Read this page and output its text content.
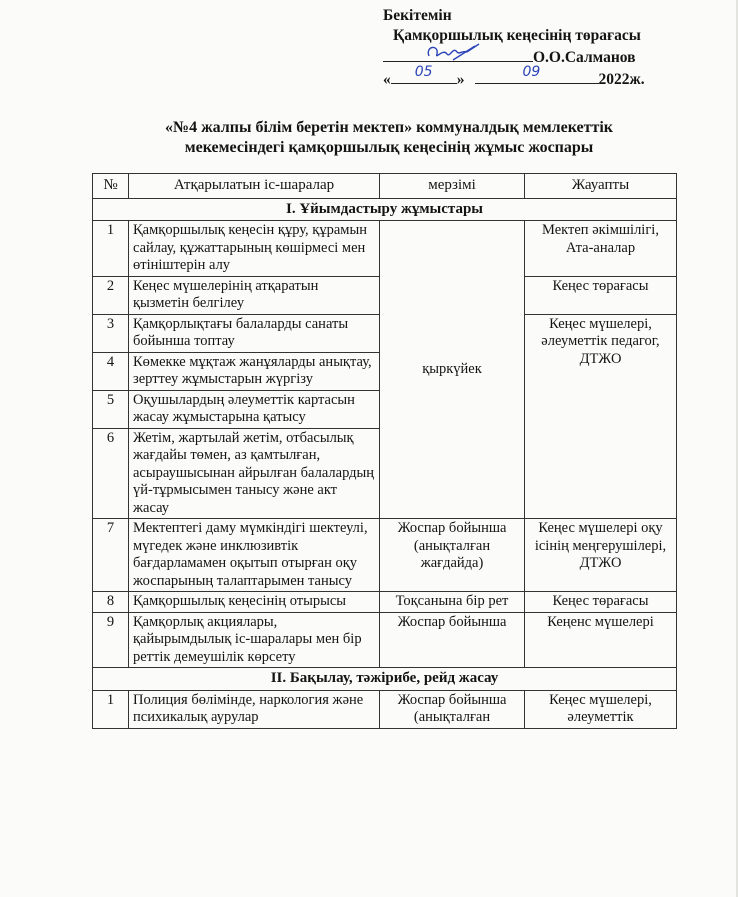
Бекітемін
Қамқоршылық кеңесінің төрағасы
О.О.Салманов
« 05 »	09	2022ж.
«№4 жалпы білім беретін мектеп» коммуналдық мемлекеттік
мекемесіндегі қамқоршылық кеңесінің жұмыс жоспары
№	Атқарылатын іс-шаралар	мерзімі	Жауапты
I. Ұйымдастыру жұмыстары			
1	Қамқоршылық кеңесін құру, құрамын сайлау, құжаттарының көшірмесі мен өтініштерін алу	қыркүйек	Мектеп әкімшілігі, Ата-аналар
2	Кеңес мүшелерінің атқаратын қызметін белгілеу		Кеңес төрағасы
3	Қамқорлықтағы балаларды санаты бойынша топтау		Кеңес мүшелері, әлеуметтік педагог, ДТЖО
4	Көмекке мұқтаж жанұяларды анықтау, зерттеу жұмыстарын жүргізу		
5	Оқушылардың әлеуметтік картасын жасау жұмыстарына қатысу		
6	Жетім, жартылай жетім, отбасылық жағдайы төмен, аз қамтылған, асыраушысынан айрылған балалардың үй-тұрмысымен танысу және акт жасау		
7	Мектептегі даму мүмкіндігі шектеулі, мүгедек және инклюзивтік бағдарламамен оқытып отырған оқу жоспарының талаптарымен танысу	Жоспар бойынша (анықталған жағдайда)	Кеңес мүшелері оқу ісінің меңгерушілері, ДТЖО
8	Қамқоршылық кеңесінің отырысы	Тоқсанына бір рет	Кеңес төрағасы
9	Қамқорлық акциялары, қайырымдылық іс-шаралары мен бір реттік демеушілік көрсету	Жоспар бойынша	Кеңенс мүшелері
II. Бақылау, тәжірибе, рейд жасау			
1	Полиция бөлімінде, наркология және психикалық аурулар	Жоспар бойынша (анықталған	Кеңес мүшелері, әлеуметтік
